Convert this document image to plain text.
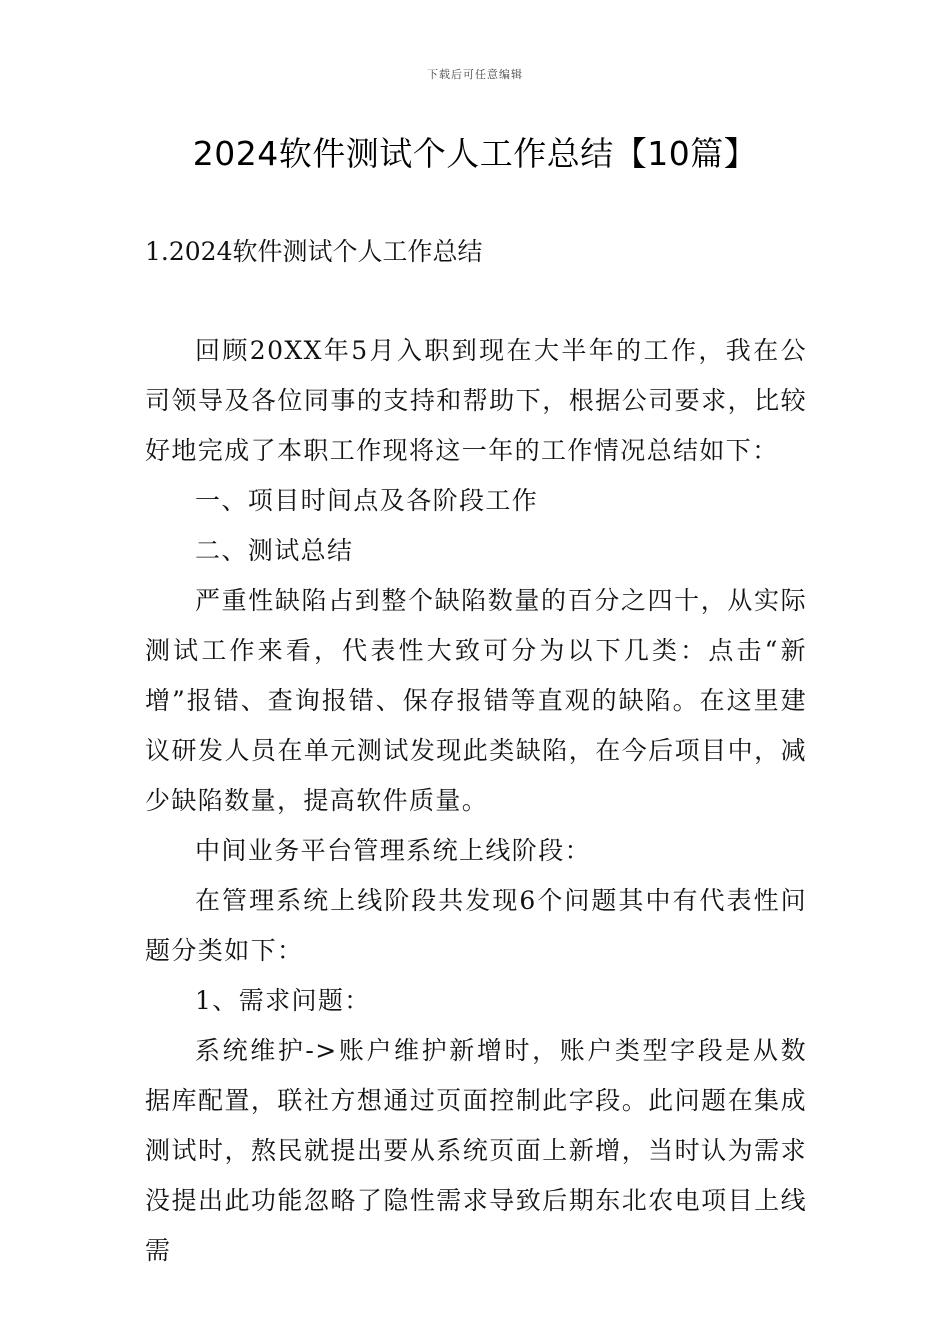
下载后可任意编辑
2024软件测试个人工作总结【10篇】
1.2024软件测试个人工作总结

回顾20XX年5月入职到现在大半年的工作，我在公司领导及各位同事的支持和帮助下，根据公司要求，比较好地完成了本职工作现将这一年的工作情况总结如下：

一、项目时间点及各阶段工作

二、测试总结

严重性缺陷占到整个缺陷数量的百分之四十，从实际测试工作来看，代表性大致可分为以下几类：点击“新增”报错、查询报错、保存报错等直观的缺陷。在这里建议研发人员在单元测试发现此类缺陷，在今后项目中，减少缺陷数量，提高软件质量。

中间业务平台管理系统上线阶段：

在管理系统上线阶段共发现6个问题其中有代表性问题分类如下：

1、需求问题：

系统维护->账户维护新增时，账户类型字段是从数据库配置，联社方想通过页面控制此字段。此问题在集成测试时，熬民就提出要从系统页面上新增，当时认为需求没提出此功能忽略了隐性需求导致后期东北农电项目上线需
